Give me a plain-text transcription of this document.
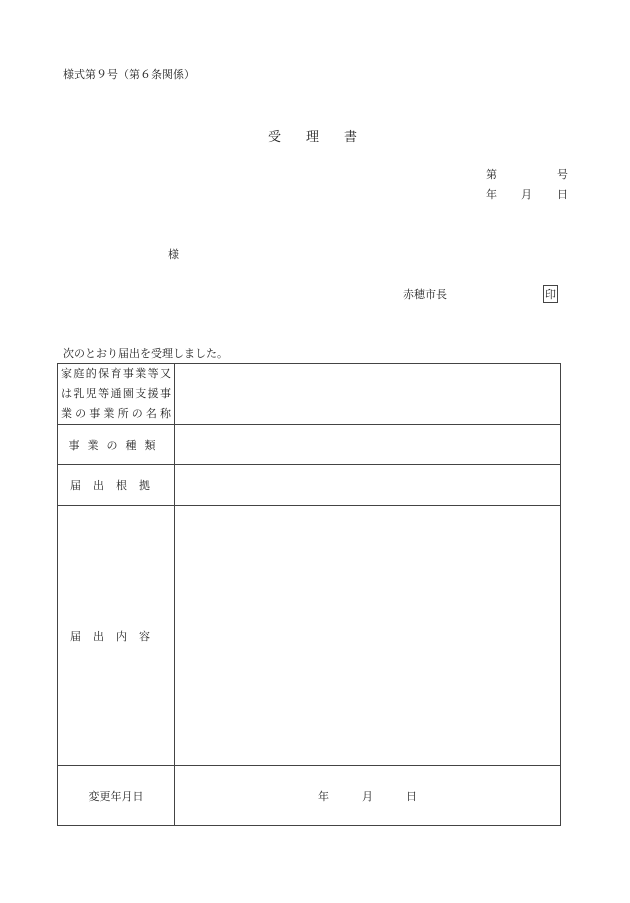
様式第９号（第６条関係）
受　理　書
第	号
年 月 日
様
赤穂市長	印
次のとおり届出を受理しました。
家庭的保育事業等又
は乳児等通園支援事
業の事業所の名称	

事業の種類	
届出根拠	
届出内容	
変更年月日	年 月 日
